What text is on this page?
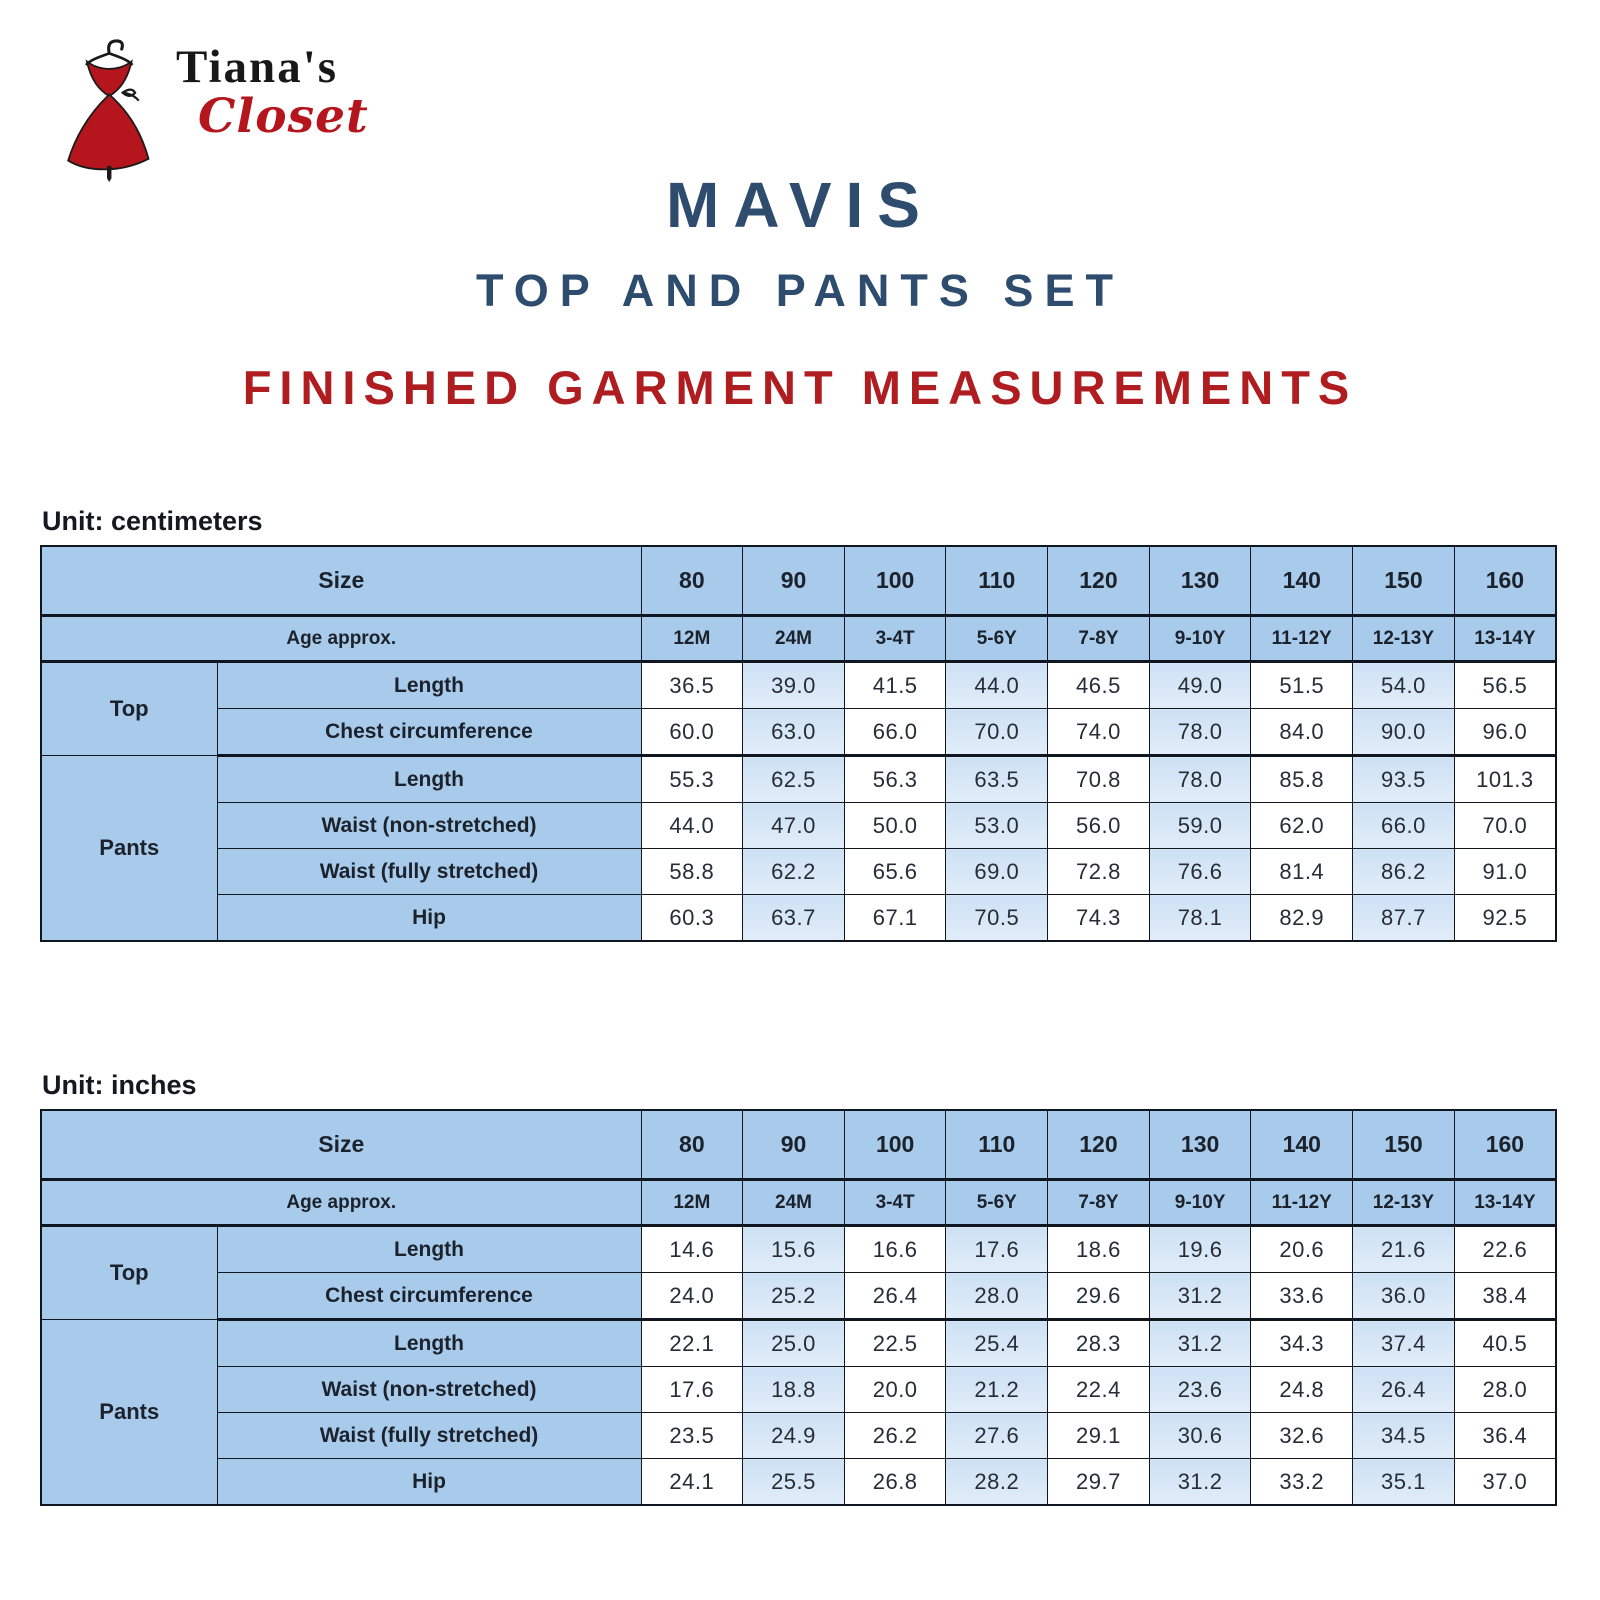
Tiana's
Closet
MAVIS
TOP AND PANTS SET
FINISHED GARMENT MEASUREMENTS
Unit: centimeters
Size		80	90	100	110	120	130	140	150	160
Age approx.		12M	24M	3-4T	5-6Y	7-8Y	9-10Y	11-12Y	12-13Y	13-14Y
Top	Length	36.5	39.0	41.5	44.0	46.5	49.0	51.5	54.0	56.5
	Chest circumference	60.0	63.0	66.0	70.0	74.0	78.0	84.0	90.0	96.0
Pants	Length	55.3	62.5	56.3	63.5	70.8	78.0	85.8	93.5	101.3
	Waist (non-stretched)	44.0	47.0	50.0	53.0	56.0	59.0	62.0	66.0	70.0
	Waist (fully stretched)	58.8	62.2	65.6	69.0	72.8	76.6	81.4	86.2	91.0
	Hip	60.3	63.7	67.1	70.5	74.3	78.1	82.9	87.7	92.5
Unit: inches
Size		80	90	100	110	120	130	140	150	160
Age approx.		12M	24M	3-4T	5-6Y	7-8Y	9-10Y	11-12Y	12-13Y	13-14Y
Top	Length	14.6	15.6	16.6	17.6	18.6	19.6	20.6	21.6	22.6
	Chest circumference	24.0	25.2	26.4	28.0	29.6	31.2	33.6	36.0	38.4
Pants	Length	22.1	25.0	22.5	25.4	28.3	31.2	34.3	37.4	40.5
	Waist (non-stretched)	17.6	18.8	20.0	21.2	22.4	23.6	24.8	26.4	28.0
	Waist (fully stretched)	23.5	24.9	26.2	27.6	29.1	30.6	32.6	34.5	36.4
	Hip	24.1	25.5	26.8	28.2	29.7	31.2	33.2	35.1	37.0
